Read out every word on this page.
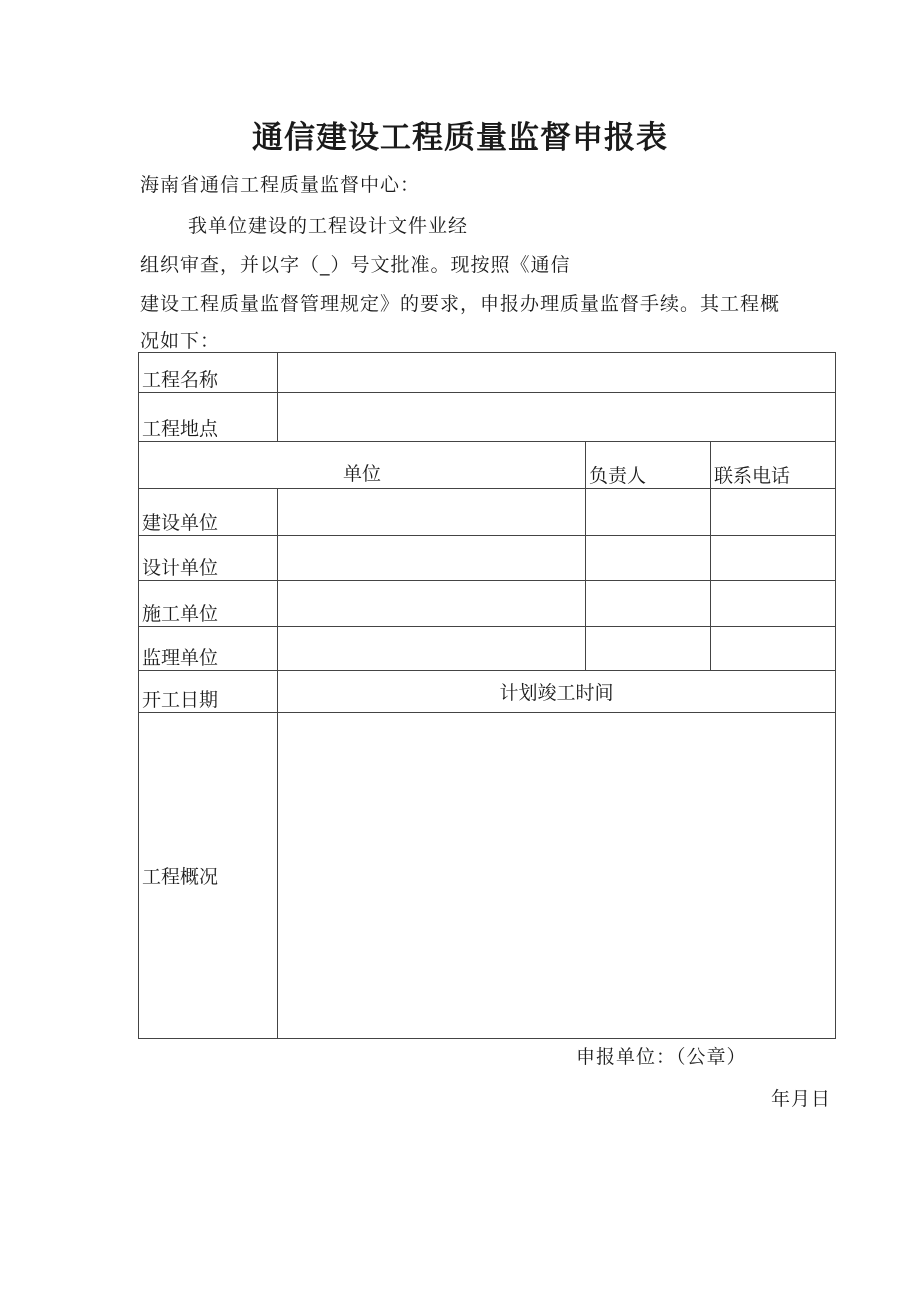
通信建设工程质量监督申报表
海南省通信工程质量监督中心：
我单位建设的工程设计文件业经
组织审查，并以字（_）号文批准。现按照《通信
建设工程质量监督管理规定》的要求，申报办理质量监督手续。其工程概
况如下：
工程名称			
工程地点			
单位		负责人	联系电话
建设单位			
设计单位			
施工单位			
监理单位			
开工日期	计划竣工时间		
工程概况			
申报单位：（公章）
年月日
